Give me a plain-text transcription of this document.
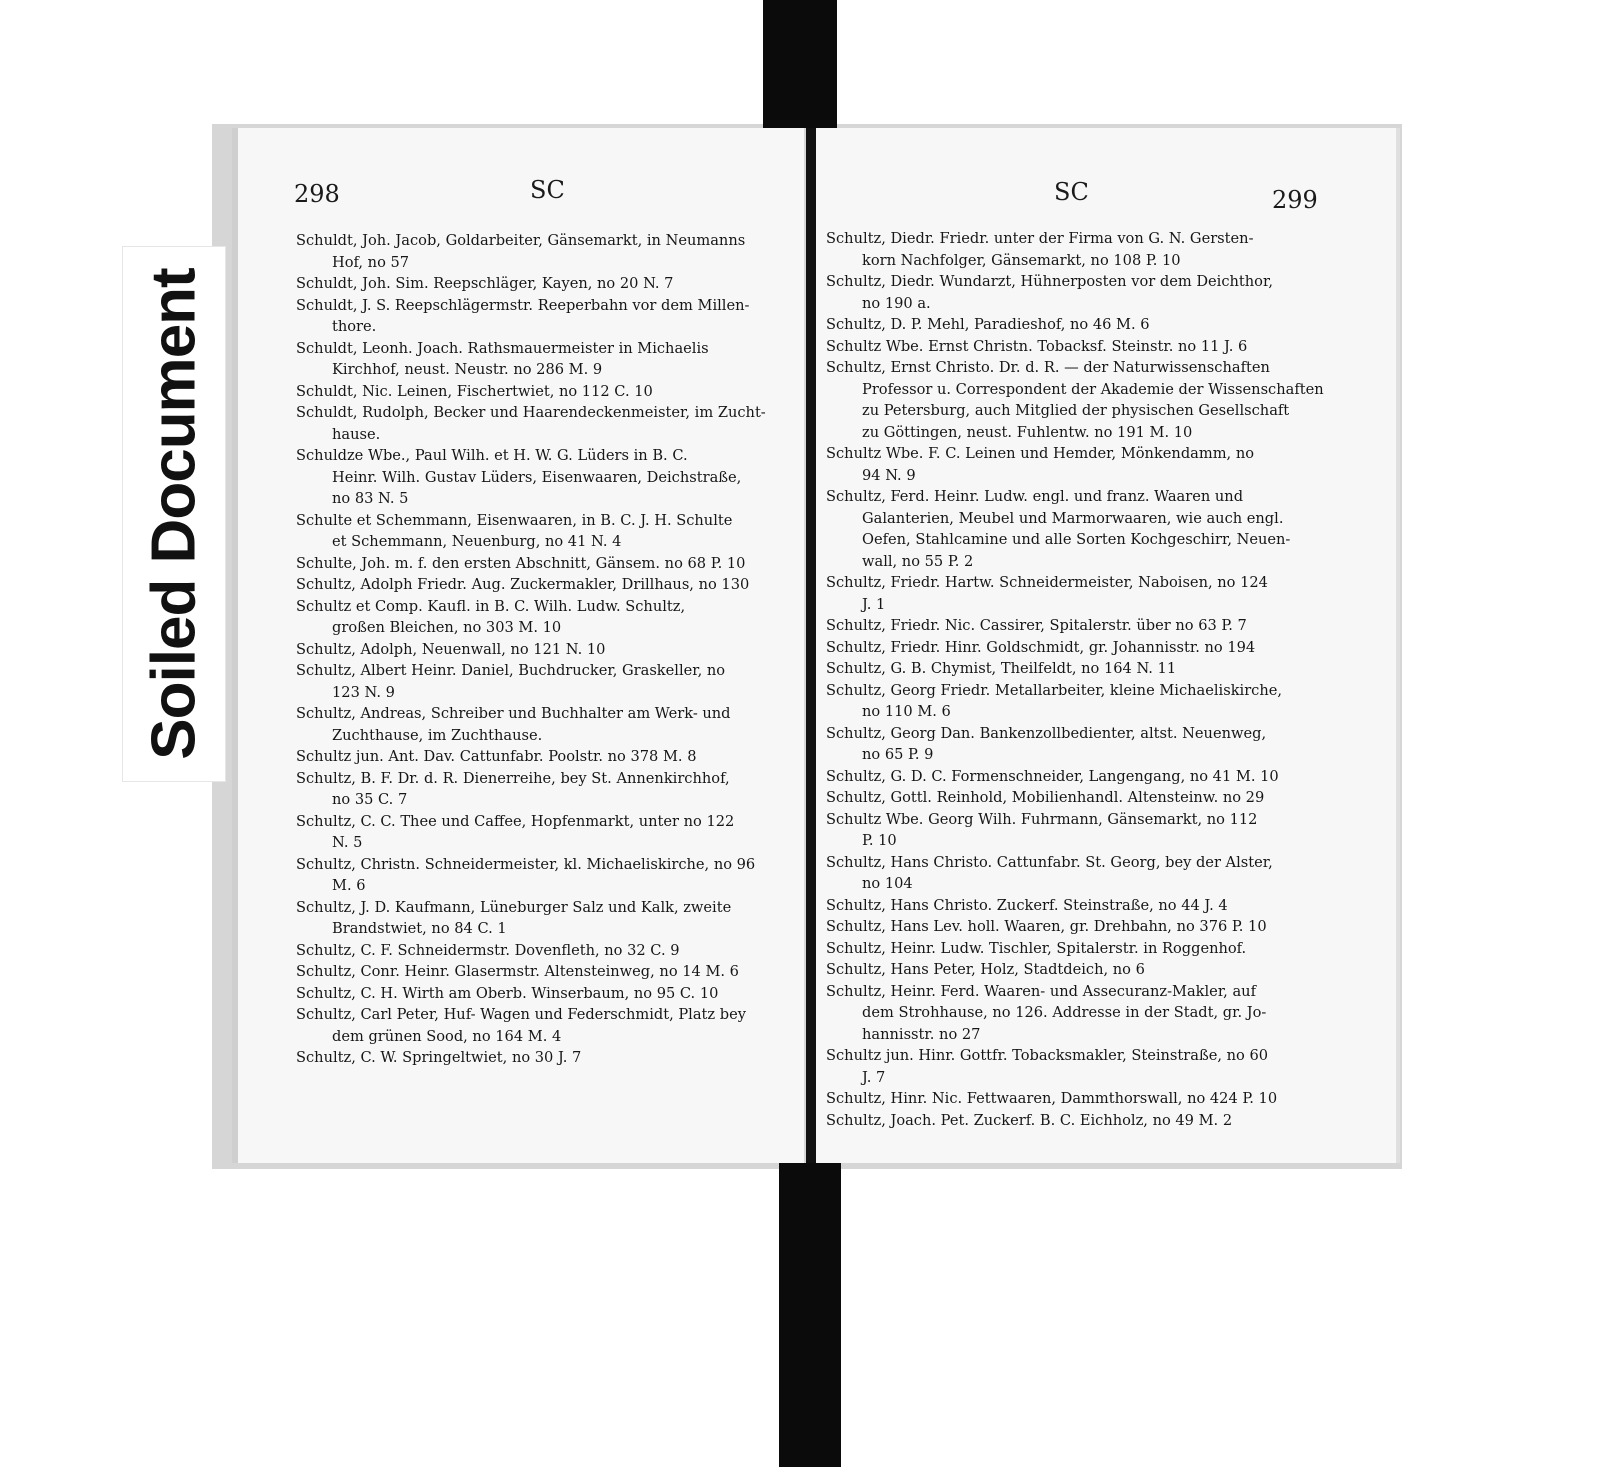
Soiled Document
298	SC	SC	299
Schuldt, Joh. Jacob, Goldarbeiter, Gänsemarkt, in Neumanns
Hof, no 57
Schuldt, Joh. Sim. Reepschläger, Kayen, no 20 N. 7
Schuldt, J. S. Reepschlägermstr. Reeperbahn vor dem Millen-
thore.
Schuldt, Leonh. Joach. Rathsmauermeister in Michaelis
Kirchhof, neust. Neustr. no 286 M. 9
Schuldt, Nic. Leinen, Fischertwiet, no 112 C. 10
Schuldt, Rudolph, Becker und Haarendeckenmeister, im Zucht-
hause.
Schuldze Wbe., Paul Wilh. et H. W. G. Lüders in B. C.
Heinr. Wilh. Gustav Lüders, Eisenwaaren, Deichstraße,
no 83 N. 5
Schulte et Schemmann, Eisenwaaren, in B. C. J. H. Schulte
et Schemmann, Neuenburg, no 41 N. 4
Schulte, Joh. m. f. den ersten Abschnitt, Gänsem. no 68 P. 10
Schultz, Adolph Friedr. Aug. Zuckermakler, Drillhaus, no 130
Schultz et Comp. Kaufl. in B. C. Wilh. Ludw. Schultz,
großen Bleichen, no 303 M. 10
Schultz, Adolph, Neuenwall, no 121 N. 10
Schultz, Albert Heinr. Daniel, Buchdrucker, Graskeller, no
123 N. 9
Schultz, Andreas, Schreiber und Buchhalter am Werk- und
Zuchthause, im Zuchthause.
Schultz jun. Ant. Dav. Cattunfabr. Poolstr. no 378 M. 8
Schultz, B. F. Dr. d. R. Dienerreihe, bey St. Annenkirchhof,
no 35 C. 7
Schultz, C. C. Thee und Caffee, Hopfenmarkt, unter no 122
N. 5
Schultz, Christn. Schneidermeister, kl. Michaeliskirche, no 96
M. 6
Schultz, J. D. Kaufmann, Lüneburger Salz und Kalk, zweite
Brandstwiet, no 84 C. 1
Schultz, C. F. Schneidermstr. Dovenfleth, no 32 C. 9
Schultz, Conr. Heinr. Glasermstr. Altensteinweg, no 14 M. 6
Schultz, C. H. Wirth am Oberb. Winserbaum, no 95 C. 10
Schultz, Carl Peter, Huf- Wagen und Federschmidt, Platz bey
dem grünen Sood, no 164 M. 4
Schultz, C. W. Springeltwiet, no 30 J. 7
Schultz, Diedr. Friedr. unter der Firma von G. N. Gersten-
korn Nachfolger, Gänsemarkt, no 108 P. 10
Schultz, Diedr. Wundarzt, Hühnerposten vor dem Deichthor,
no 190 a.
Schultz, D. P. Mehl, Paradieshof, no 46 M. 6
Schultz Wbe. Ernst Christn. Tobacksf. Steinstr. no 11 J. 6
Schultz, Ernst Christo. Dr. d. R. — der Naturwissenschaften
Professor u. Correspondent der Akademie der Wissenschaften
zu Petersburg, auch Mitglied der physischen Gesellschaft
zu Göttingen, neust. Fuhlentw. no 191 M. 10
Schultz Wbe. F. C. Leinen und Hemder, Mönkendamm, no
94 N. 9
Schultz, Ferd. Heinr. Ludw. engl. und franz. Waaren und
Galanterien, Meubel und Marmorwaaren, wie auch engl.
Oefen, Stahlcamine und alle Sorten Kochgeschirr, Neuen-
wall, no 55 P. 2
Schultz, Friedr. Hartw. Schneidermeister, Naboisen, no 124
J. 1
Schultz, Friedr. Nic. Cassirer, Spitalerstr. über no 63 P. 7
Schultz, Friedr. Hinr. Goldschmidt, gr. Johannisstr. no 194
Schultz, G. B. Chymist, Theilfeldt, no 164 N. 11
Schultz, Georg Friedr. Metallarbeiter, kleine Michaeliskirche,
no 110 M. 6
Schultz, Georg Dan. Bankenzollbedienter, altst. Neuenweg,
no 65 P. 9
Schultz, G. D. C. Formenschneider, Langengang, no 41 M. 10
Schultz, Gottl. Reinhold, Mobilienhandl. Altensteinw. no 29
Schultz Wbe. Georg Wilh. Fuhrmann, Gänsemarkt, no 112
P. 10
Schultz, Hans Christo. Cattunfabr. St. Georg, bey der Alster,
no 104
Schultz, Hans Christo. Zuckerf. Steinstraße, no 44 J. 4
Schultz, Hans Lev. holl. Waaren, gr. Drehbahn, no 376 P. 10
Schultz, Heinr. Ludw. Tischler, Spitalerstr. in Roggenhof.
Schultz, Hans Peter, Holz, Stadtdeich, no 6
Schultz, Heinr. Ferd. Waaren- und Assecuranz-Makler, auf
dem Strohhause, no 126. Addresse in der Stadt, gr. Jo-
hannisstr. no 27
Schultz jun. Hinr. Gottfr. Tobacksmakler, Steinstraße, no 60
J. 7
Schultz, Hinr. Nic. Fettwaaren, Dammthorswall, no 424 P. 10
Schultz, Joach. Pet. Zuckerf. B. C. Eichholz, no 49 M. 2
